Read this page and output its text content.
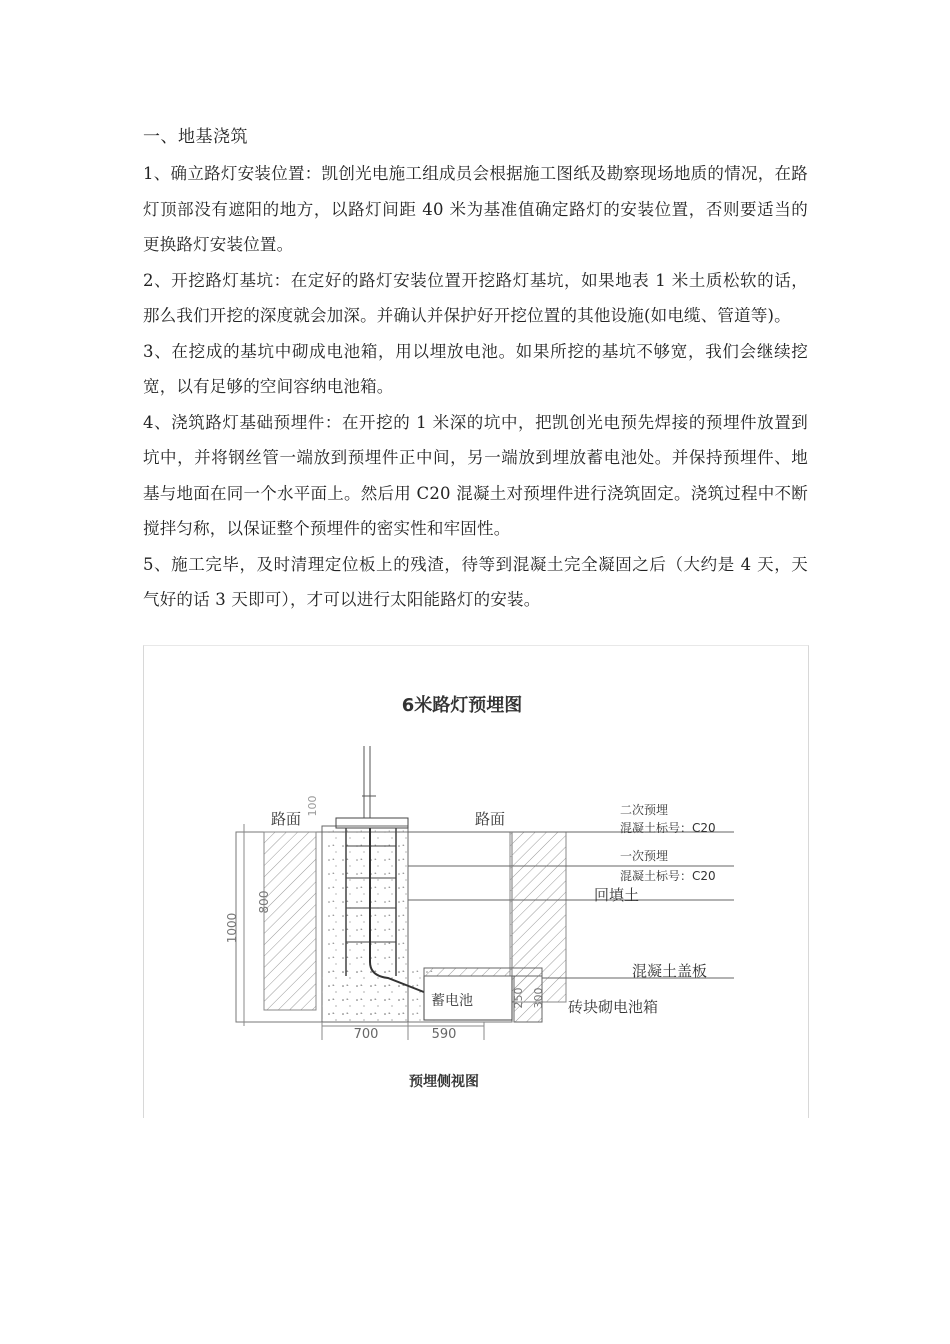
一、地基浇筑

1、确立路灯安装位置：凯创光电施工组成员会根据施工图纸及勘察现场地质的情况，在路灯顶部没有遮阳的地方，以路灯间距 40 米为基准值确定路灯的安装位置，否则要适当的更换路灯安装位置。

2、开挖路灯基坑：在定好的路灯安装位置开挖路灯基坑，如果地表 1 米土质松软的话，那么我们开挖的深度就会加深。并确认并保护好开挖位置的其他设施(如电缆、管道等)。

3、在挖成的基坑中砌成电池箱，用以埋放电池。如果所挖的基坑不够宽，我们会继续挖宽，以有足够的空间容纳电池箱。

4、浇筑路灯基础预埋件：在开挖的 1 米深的坑中，把凯创光电预先焊接的预埋件放置到坑中，并将钢丝管一端放到预埋件正中间，另一端放到埋放蓄电池处。并保持预埋件、地基与地面在同一个水平面上。然后用 C20 混凝土对预埋件进行浇筑固定。浇筑过程中不断搅拌匀称，以保证整个预埋件的密实性和牢固性。

5、施工完毕，及时清理定位板上的残渣，待等到混凝土完全凝固之后（大约是 4 天，天气好的话 3 天即可），才可以进行太阳能路灯的安装。

6米路灯预埋图
蓄电池
路面	路面	二次预埋
混凝土标号：C20
一次预埋
混凝土标号：C20
回填土
混凝土盖板
砖块砌电池箱
1000
800
100
250 300
700	590
预埋侧视图
